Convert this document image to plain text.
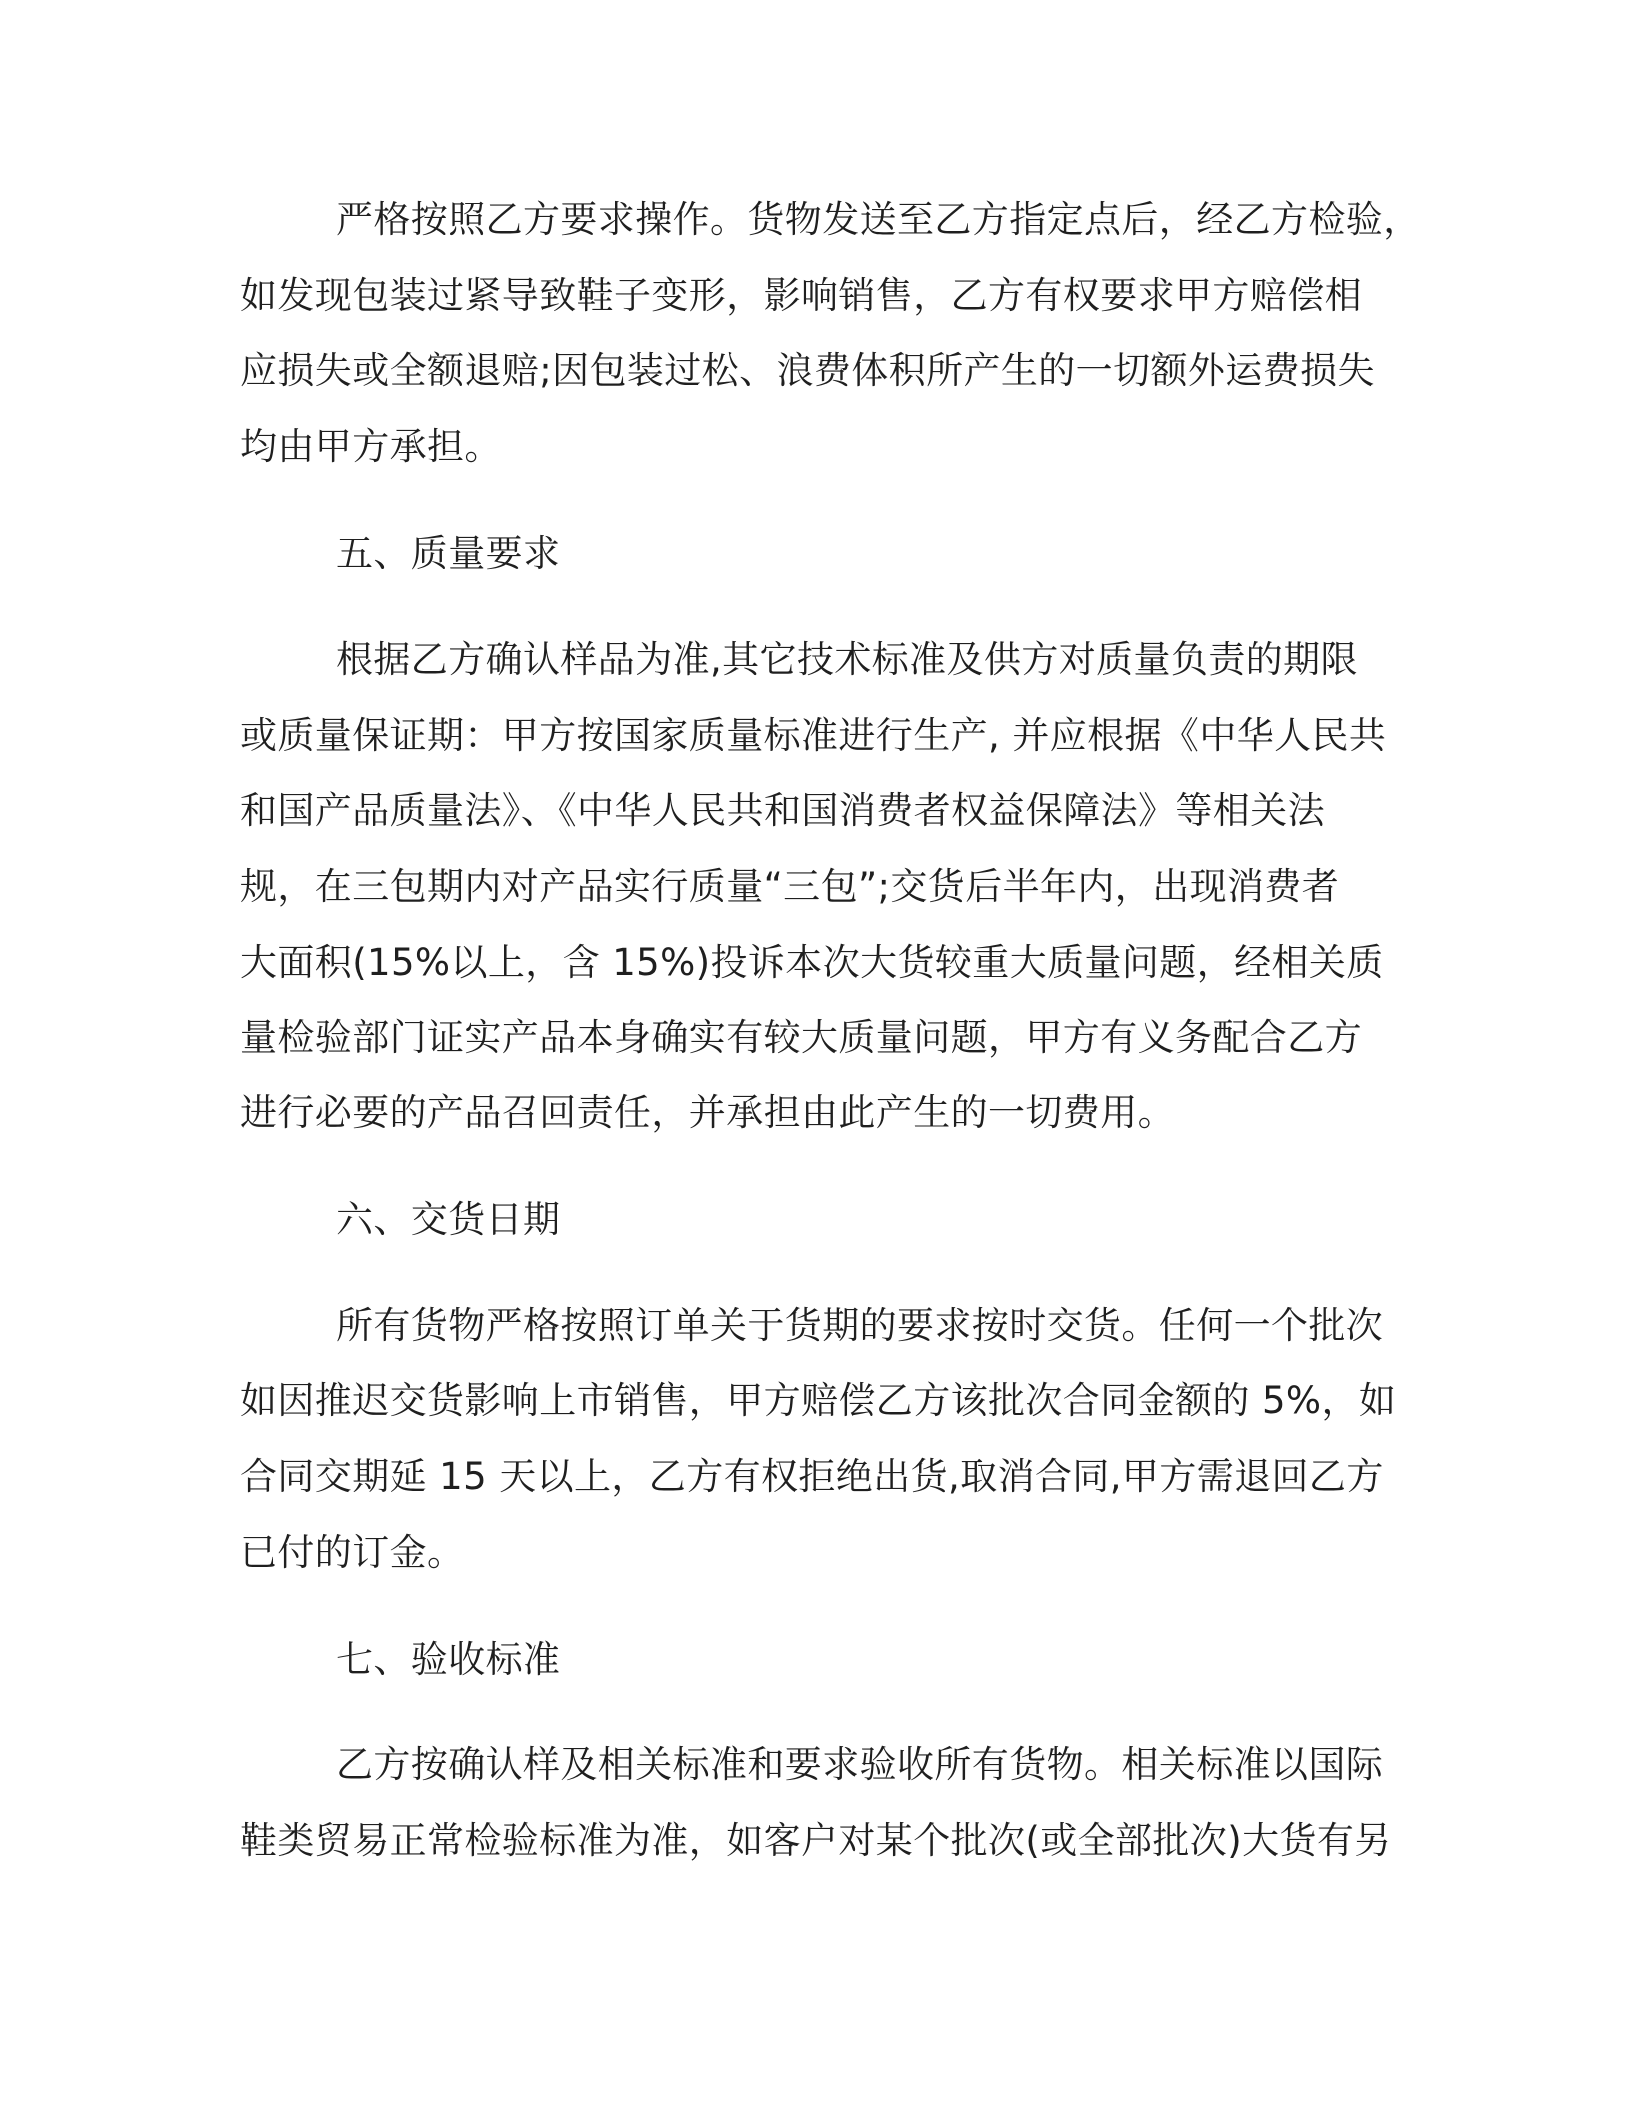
严格按照乙方要求操作。货物发送至乙方指定点后，经乙方检验，
如发现包装过紧导致鞋子变形，影响销售，乙方有权要求甲方赔偿相
应损失或全额退赔;因包装过松、浪费体积所产生的一切额外运费损失
均由甲方承担。
五、质量要求
根据乙方确认样品为准,其它技术标准及供方对质量负责的期限
或质量保证期：甲方按国家质量标准进行生产, 并应根据《中华人民共
和国产品质量法》、《中华人民共和国消费者权益保障法》等相关法
规，在三包期内对产品实行质量“三包”;交货后半年内，出现消费者
大面积(15%以上，含 15%)投诉本次大货较重大质量问题，经相关质
量检验部门证实产品本身确实有较大质量问题，甲方有义务配合乙方
进行必要的产品召回责任，并承担由此产生的一切费用。
六、交货日期
所有货物严格按照订单关于货期的要求按时交货。任何一个批次
如因推迟交货影响上市销售，甲方赔偿乙方该批次合同金额的 5%，如
合同交期延 15 天以上，乙方有权拒绝出货,取消合同,甲方需退回乙方
已付的订金。
七、验收标准
乙方按确认样及相关标准和要求验收所有货物。相关标准以国际
鞋类贸易正常检验标准为准，如客户对某个批次(或全部批次)大货有另
